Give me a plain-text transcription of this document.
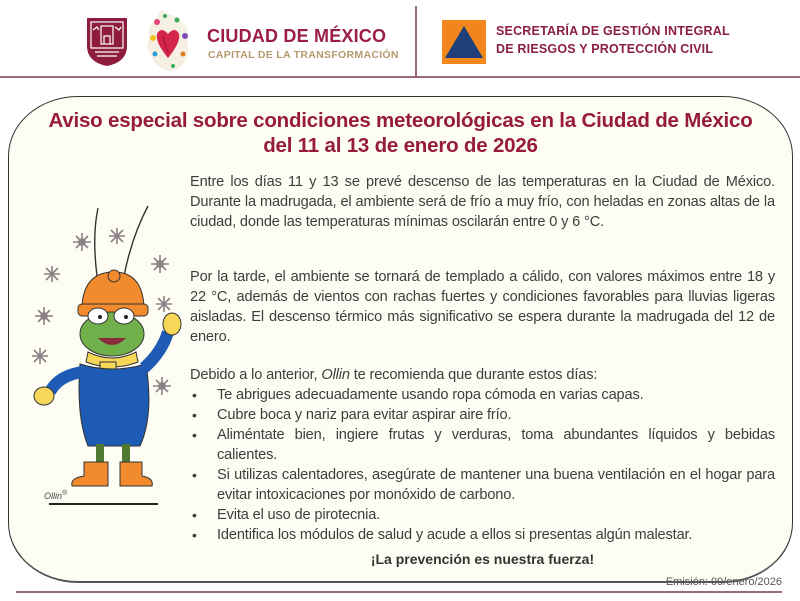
CIUDAD DE MÉXICO
CAPITAL DE LA TRANSFORMACIÓN
SECRETARÍA DE GESTIÓN INTEGRAL
DE RIESGOS Y PROTECCIÓN CIVIL
Aviso especial sobre condiciones meteorológicas en la Ciudad de México
del 11 al 13 de enero de 2026
Ollin®
Entre los días 11 y 13 se prevé descenso de las temperaturas en la Ciudad de México. Durante la madrugada, el ambiente será de frío a muy frío, con heladas en zonas altas de la ciudad, donde las temperaturas mínimas oscilarán entre 0 y 6 °C.
Por la tarde, el ambiente se tornará de templado a cálido, con valores máximos entre 18 y 22 °C, además de vientos con rachas fuertes y condiciones favorables para lluvias ligeras aisladas. El descenso térmico más significativo se espera durante la madrugada del 12 de enero.
Debido a lo anterior, Ollin te recomienda que durante estos días:
• Te abrigues adecuadamente usando ropa cómoda en varias capas.
• Cubre boca y nariz para evitar aspirar aire frío.
• Aliméntate bien, ingiere frutas y verduras, toma abundantes líquidos y bebidas calientes.
• Si utilizas calentadores, asegúrate de mantener una buena ventilación en el hogar para evitar intoxicaciones por monóxido de carbono.
• Evita el uso de pirotecnia.
• Identifica los módulos de salud y acude a ellos si presentas algún malestar.
¡La prevención es nuestra fuerza!
Emisión: 09/enero/2026
